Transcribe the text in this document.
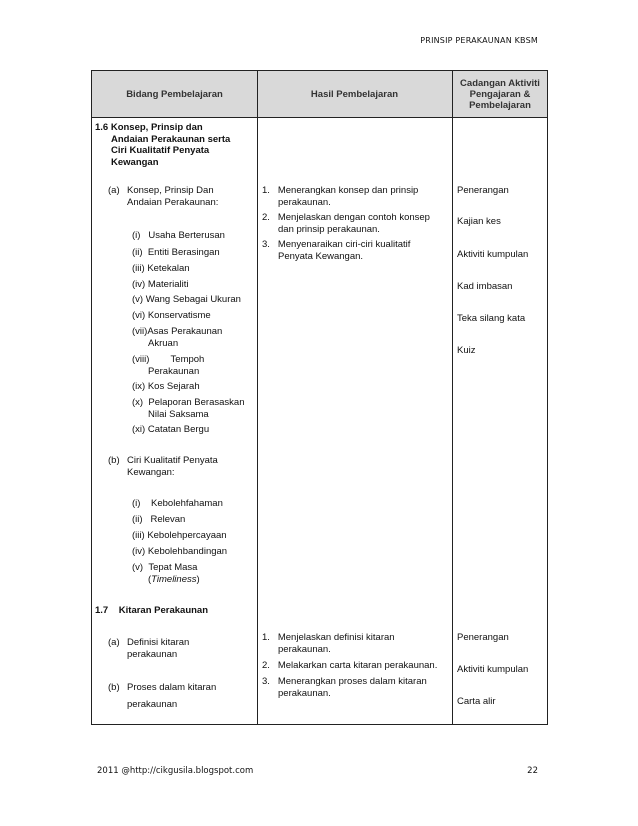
PRINSIP PERAKAUNAN KBSM
Bidang Pembelajaran	Hasil Pembelajaran
Cadangan Aktiviti
Pengajaran &
Pembelajaran
1.6 Konsep, Prinsip dan
Andaian Perakaunan serta
Ciri Kualitatif Penyata
Kewangan
(a) Konsep, Prinsip Dan
Andaian Perakaunan:
(i) Usaha Berterusan
(ii) Entiti Berasingan
(iii) Ketekalan
(iv) Materialiti
(v) Wang Sebagai Ukuran
(vi) Konservatisme
(vii)Asas Perakaunan
Akruan
(viii) Tempoh
Perakaunan
(ix) Kos Sejarah
(x) Pelaporan Berasaskan
Nilai Saksama
(xi) Catatan Bergu
(b) Ciri Kualitatif Penyata
Kewangan:
(i) Kebolehfahaman
(ii) Relevan
(iii) Kebolehpercayaan
(iv) Kebolehbandingan
(v) Tepat Masa
(Timeliness)
1.7 Kitaran Perakaunan
(a) Definisi kitaran
perakaunan
(b) Proses dalam kitaran
perakaunan
1. Menerangkan konsep dan prinsip
perakaunan.
2. Menjelaskan dengan contoh konsep
dan prinsip perakaunan.
3. Menyenaraikan ciri-ciri kualitatif
Penyata Kewangan.
1. Menjelaskan definisi kitaran
perakaunan.
2. Melakarkan carta kitaran perakaunan.
3. Menerangkan proses dalam kitaran
perakaunan.
Penerangan
Kajian kes
Aktiviti kumpulan
Kad imbasan
Teka silang kata
Kuiz
Penerangan
Aktiviti kumpulan
Carta alir
2011 @http://cikgusila.blogspot.com	22
